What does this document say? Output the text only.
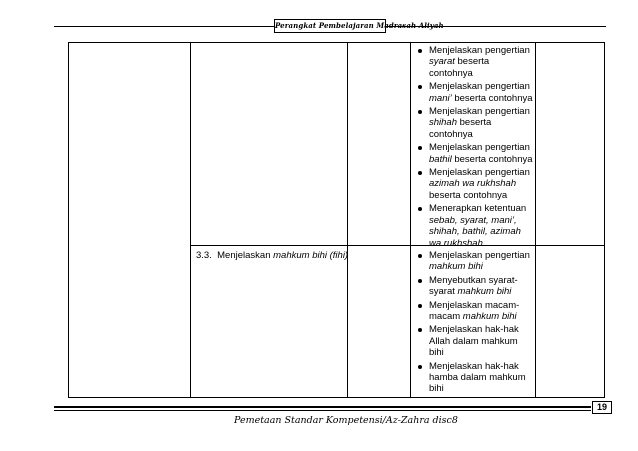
Perangkat Pembelajaran Madrasah Aliyah
Menjelaskan pengertian
syarat beserta
contohnya
Menjelaskan pengertian
mani’ beserta contohnya
Menjelaskan pengertian
shihah beserta
contohnya
Menjelaskan pengertian
bathil beserta contohnya
Menjelaskan pengertian
azimah wa rukhshah
beserta contohnya
Menerapkan ketentuan
sebab, syarat, mani’,
shihah, bathil, azimah
wa rukhshah
3.3. Menjelaskan mahkum bihi (fihi)	Menjelaskan pengertian
mahkum bihi
Menyebutkan syarat-
syarat mahkum bihi
Menjelaskan macam-
macam mahkum bihi
Menjelaskan hak-hak
Allah dalam mahkum
bihi
Menjelaskan hak-hak
hamba dalam mahkum
bihi
19
Pemetaan Standar Kompetensi/Az-Zahra disc8
